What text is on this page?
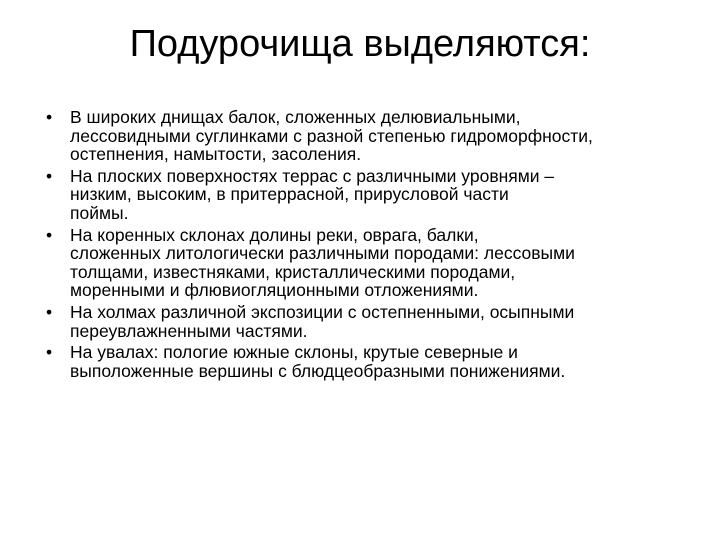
Подурочища выделяются:
• В широких днищах балок, сложенных делювиальными,
лессовидными суглинками с разной степенью гидроморфности,
остепнения, намытости, засоления.
• На плоских поверхностях террас с различными уровнями –
низким, высоким, в притеррасной, прирусловой части
поймы.
• На коренных склонах долины реки, оврага, балки,
сложенных литологически различными породами: лессовыми
толщами, известняками, кристаллическими породами,
моренными и флювиогляционными отложениями.
• На холмах различной экспозиции с остепненными, осыпными
переувлажненными частями.
• На увалах: пологие южные склоны, крутые северные и
выположенные вершины с блюдцеобразными понижениями.
